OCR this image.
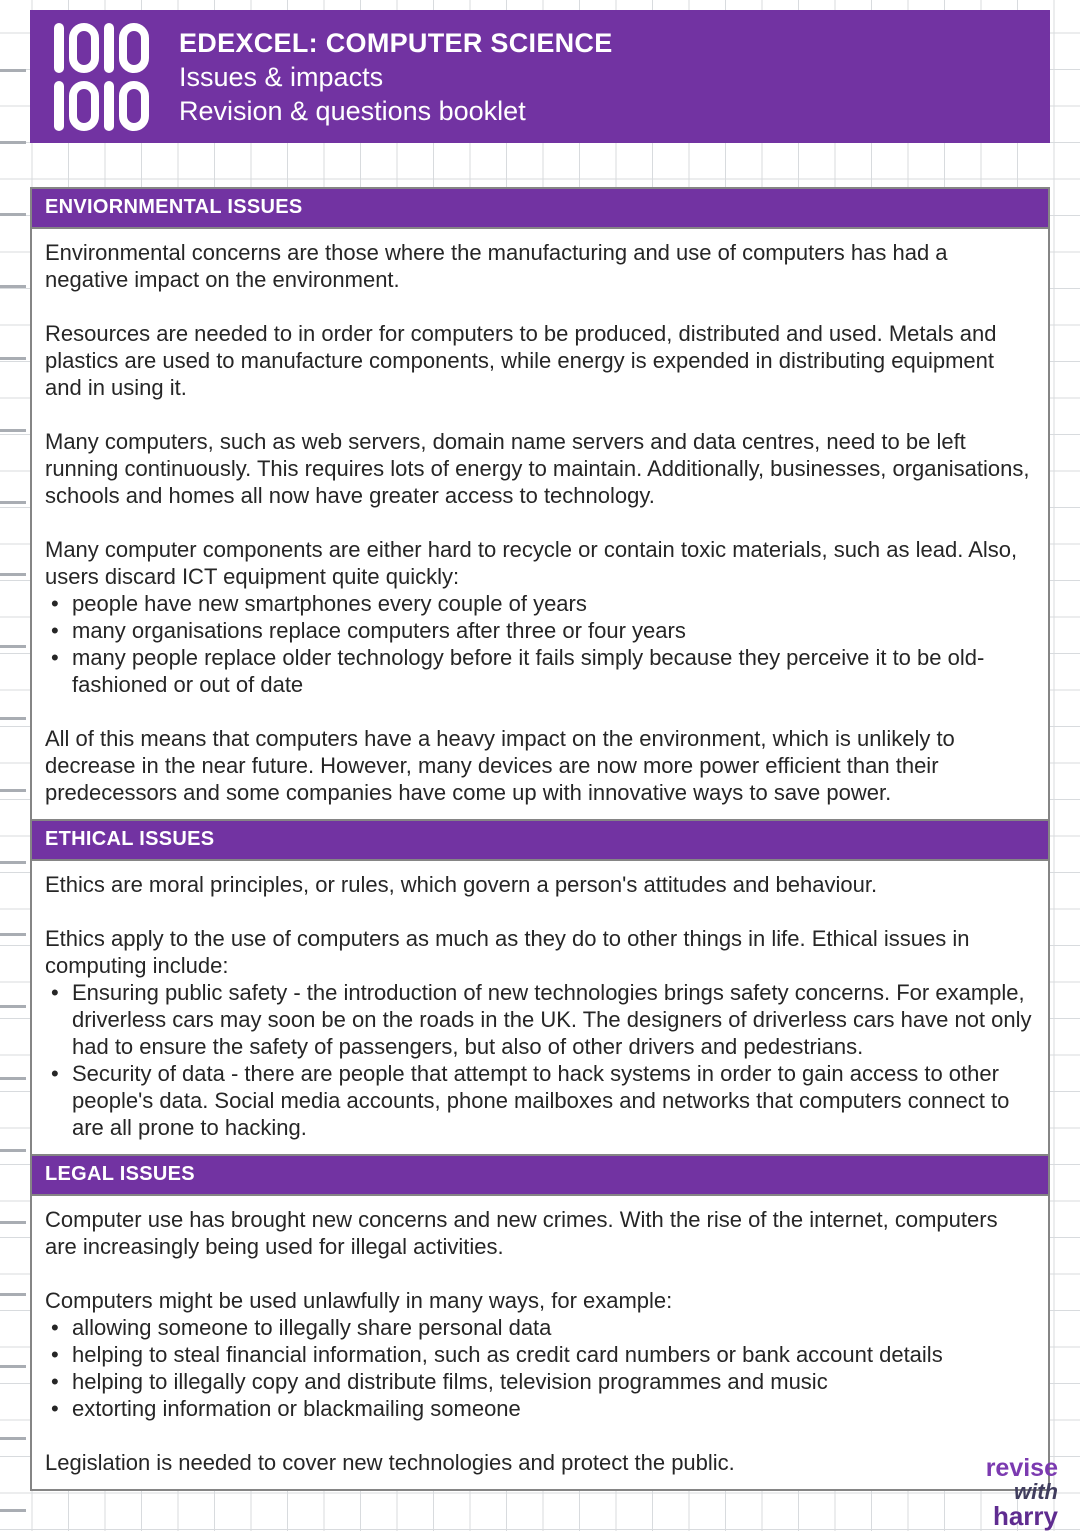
EDEXCEL: COMPUTER SCIENCE
Issues & impacts
Revision & questions booklet
ENVIORNMENTAL ISSUES

Environmental concerns are those where the manufacturing and use of computers has had a negative impact on the environment.

Resources are needed to in order for computers to be produced, distributed and used. Metals and plastics are used to manufacture components, while energy is expended in distributing equipment and in using it.

Many computers, such as web servers, domain name servers and data centres, need to be left running continuously. This requires lots of energy to maintain. Additionally, businesses, organisations, schools and homes all now have greater access to technology.

Many computer components are either hard to recycle or contain toxic materials, such as lead. Also, users discard ICT equipment quite quickly:

• people have new smartphones every couple of years
• many organisations replace computers after three or four years
• many people replace older technology before it fails simply because they perceive it to be old-fashioned or out of date

All of this means that computers have a heavy impact on the environment, which is unlikely to decrease in the near future. However, many devices are now more power efficient than their predecessors and some companies have come up with innovative ways to save power.

ETHICAL ISSUES

Ethics are moral principles, or rules, which govern a person's attitudes and behaviour.

Ethics apply to the use of computers as much as they do to other things in life. Ethical issues in computing include:

• Ensuring public safety - the introduction of new technologies brings safety concerns. For example, driverless cars may soon be on the roads in the UK. The designers of driverless cars have not only had to ensure the safety of passengers, but also of other drivers and pedestrians.
• Security of data - there are people that attempt to hack systems in order to gain access to other people's data. Social media accounts, phone mailboxes and networks that computers connect to are all prone to hacking.
LEGAL ISSUES

Computer use has brought new concerns and new crimes. With the rise of the internet, computers are increasingly being used for illegal activities.

Computers might be used unlawfully in many ways, for example:

• allowing someone to illegally share personal data
• helping to steal financial information, such as credit card numbers or bank account details
• helping to illegally copy and distribute films, television programmes and music
• extorting information or blackmailing someone

Legislation is needed to cover new technologies and protect the public.	revise
with
harry
